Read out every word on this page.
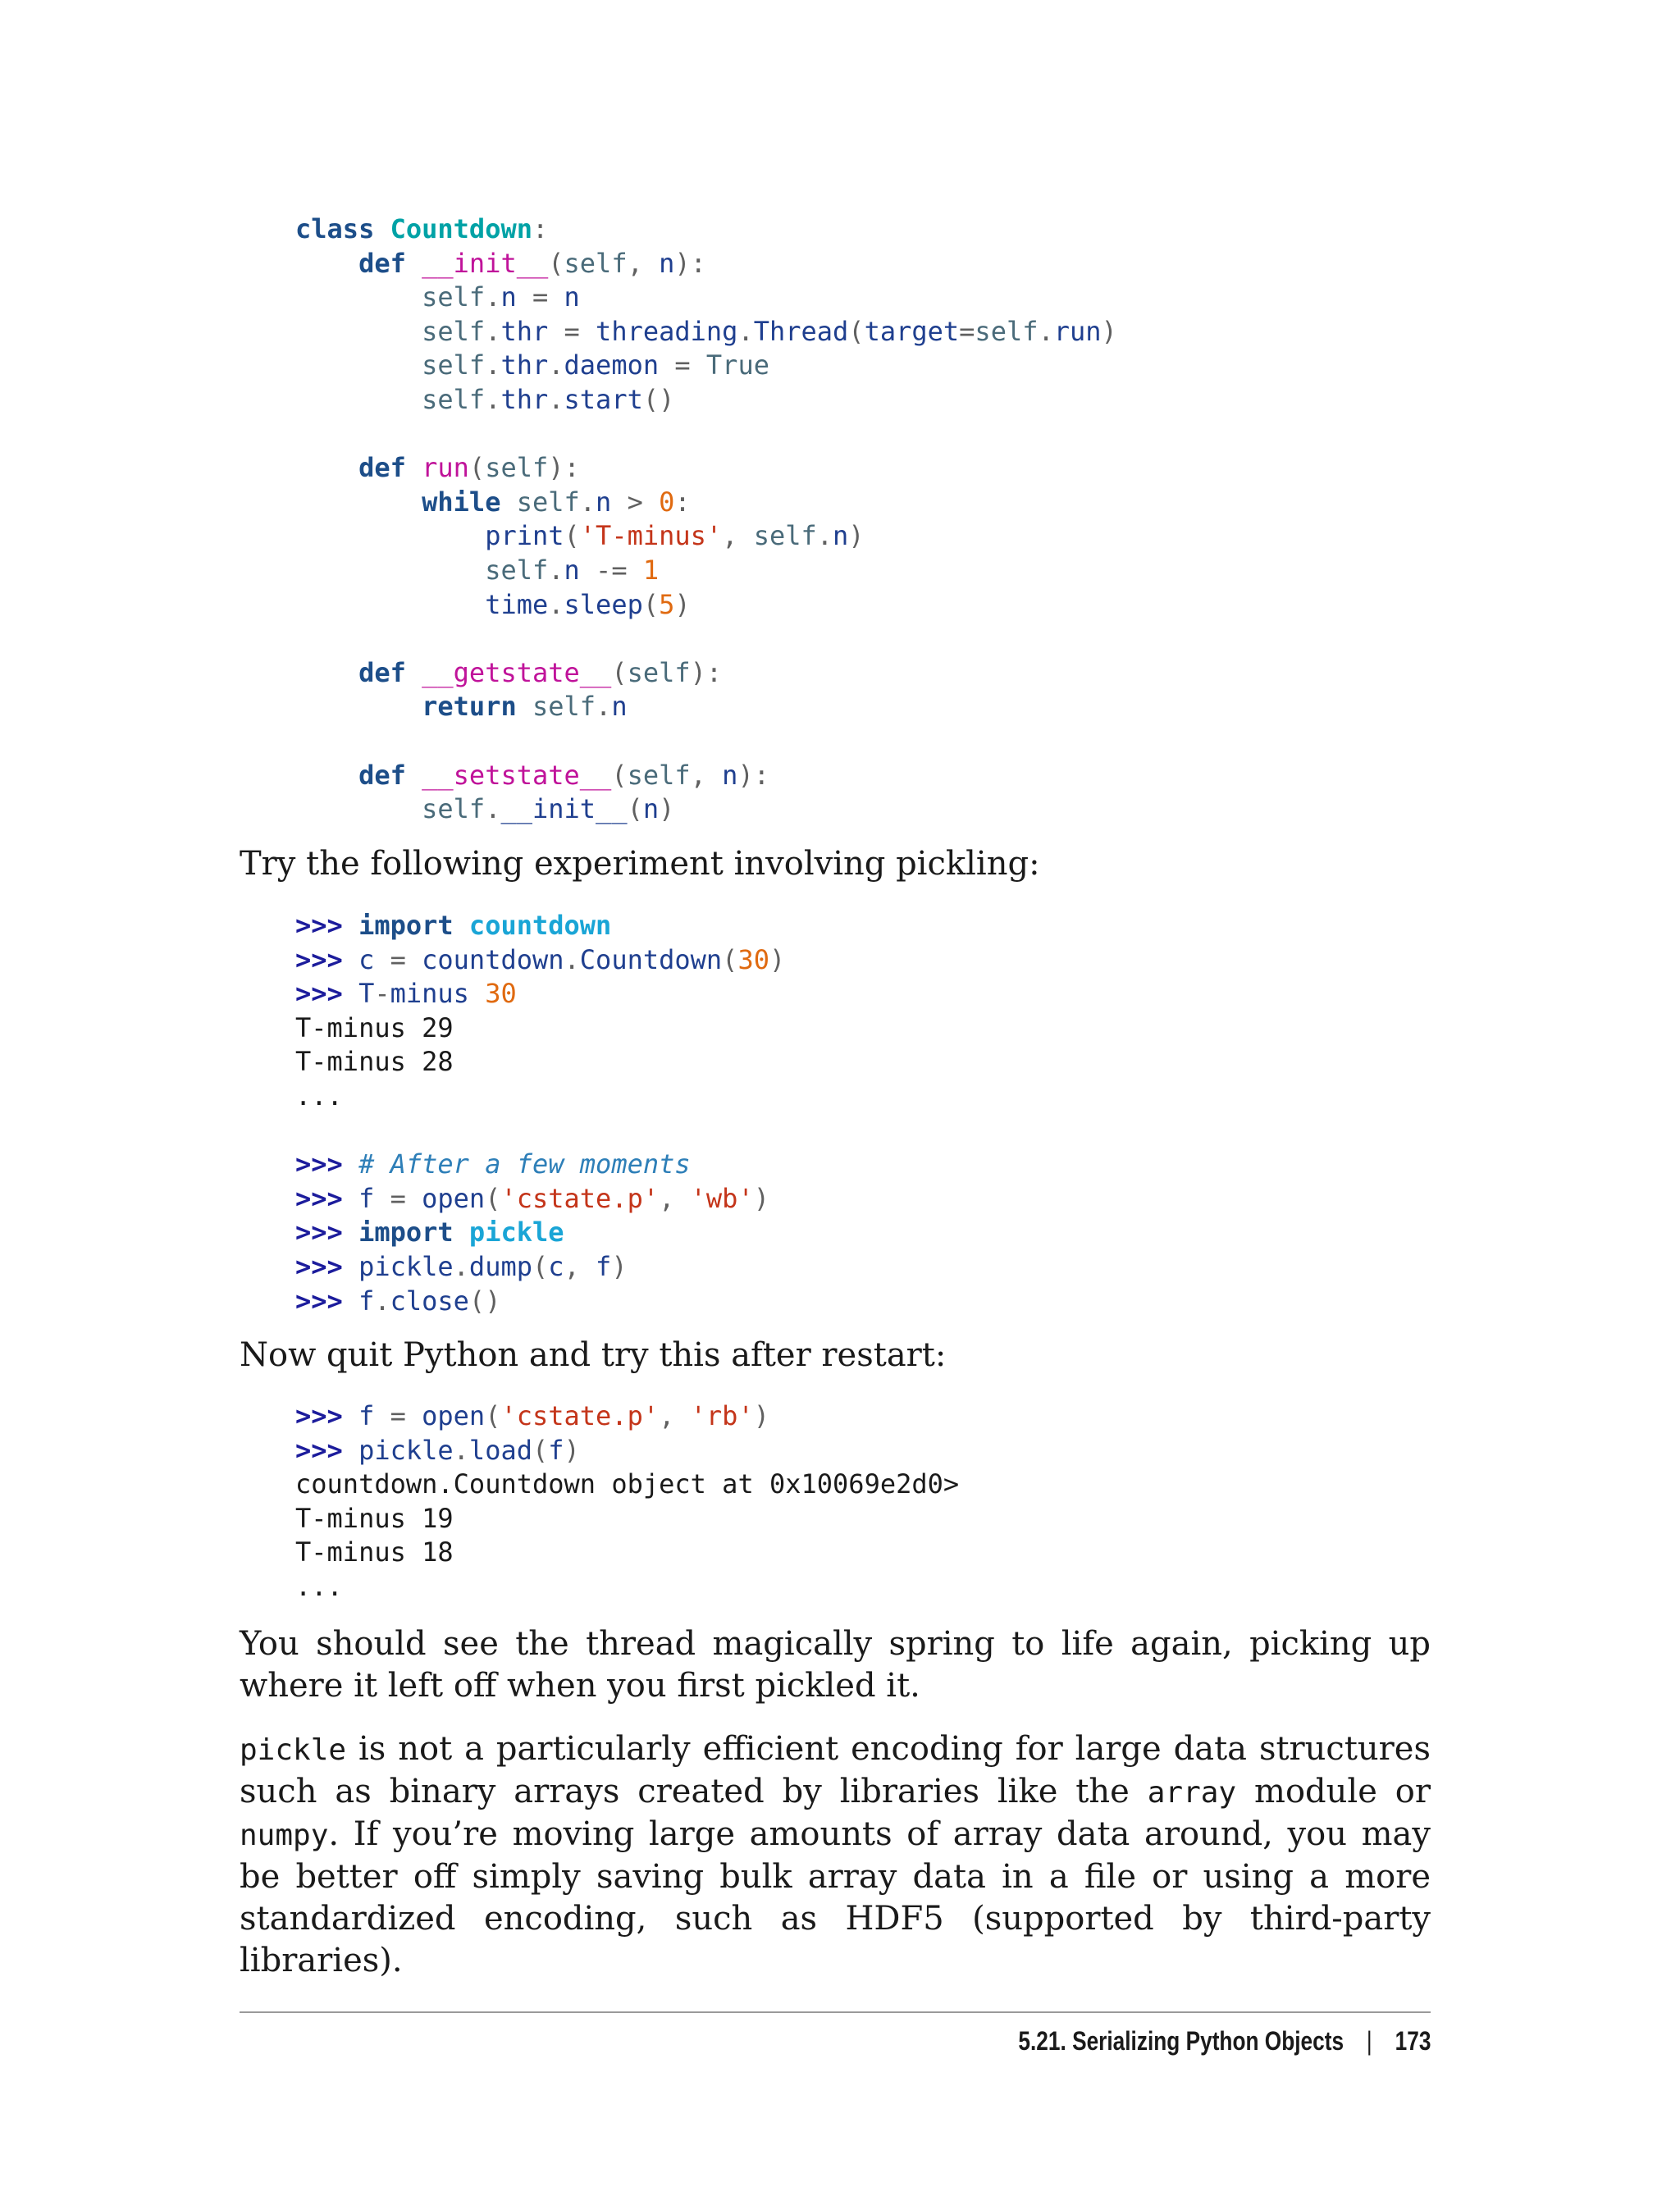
class Countdown:
def __init__(self, n):
self.n = n
self.thr = threading.Thread(target=self.run)
self.thr.daemon = True
self.thr.start()

def run(self):
while self.n > 0:
print('T-minus', self.n)
self.n -= 1
time.sleep(5)

def __getstate__(self):
return self.n

def __setstate__(self, n):
self.__init__(n)

Try the following experiment involving pickling:

>>> import countdown
>>> c = countdown.Countdown(30)
>>> T-minus 30
T-minus 29
T-minus 28
...

>>> # After a few moments
>>> f = open('cstate.p', 'wb')
>>> import pickle
>>> pickle.dump(c, f)
>>> f.close()

Now quit Python and try this after restart:

>>> f = open('cstate.p', 'rb')
>>> pickle.load(f)
countdown.Countdown object at 0x10069e2d0>
T-minus 19
T-minus 18
...

You should see the thread magically spring to life again, picking up where it left off when you first pickled it.

pickle is not a particularly efficient encoding for large data structures such as binary arrays created by libraries like the array module or numpy. If you’re moving large amounts of array data around, you may be better off simply saving bulk array data in a file or using a more standardized encoding, such as HDF5 (supported by third-party libraries).

5.21. Serializing Python Objects | 173
